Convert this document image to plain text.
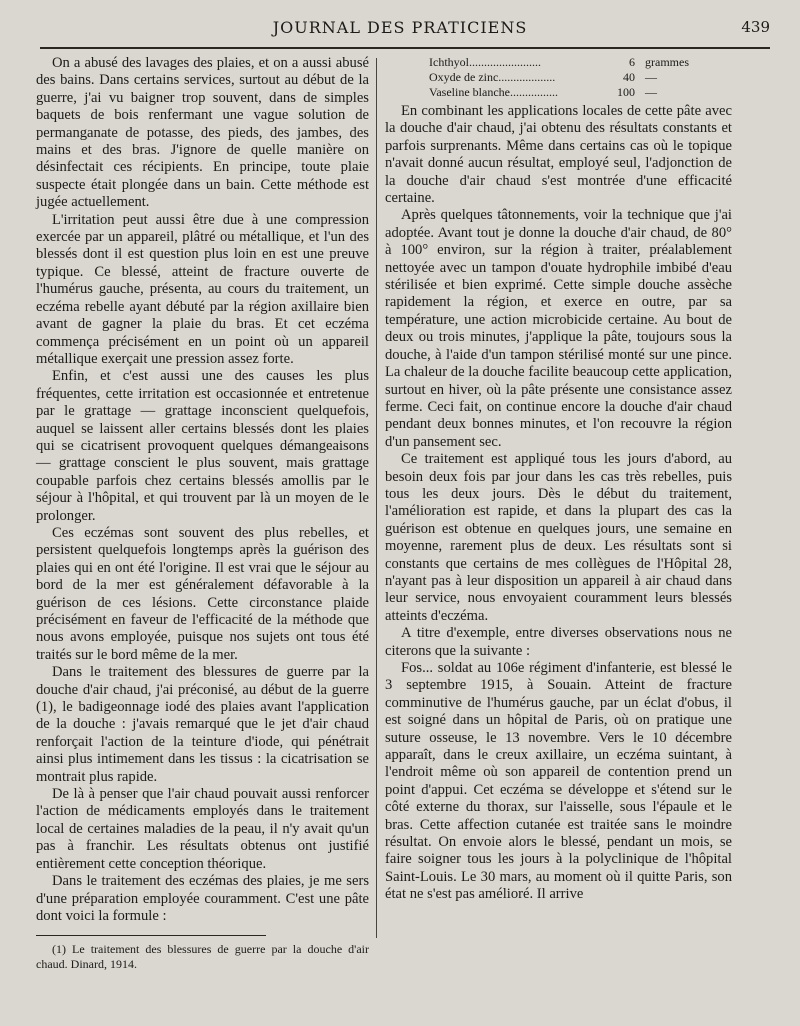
JOURNAL DES PRATICIENS	439

On a abusé des lavages des plaies, et on a aussi abusé des bains. Dans certains services, surtout au début de la guerre, j'ai vu baigner trop souvent, dans de simples baquets de bois renfermant une vague solution de permanganate de potasse, des pieds, des jambes, des mains et des bras. J'ignore de quelle manière on désinfectait ces récipients. En principe, toute plaie suspecte était plongée dans un bain. Cette méthode est jugée actuellement.

L'irritation peut aussi être due à une compression exercée par un appareil, plâtré ou métallique, et l'un des blessés dont il est question plus loin en est une preuve typique. Ce blessé, atteint de fracture ouverte de l'humérus gauche, présenta, au cours du traitement, un eczéma rebelle ayant débuté par la région axillaire bien avant de gagner la plaie du bras. Et cet eczéma commença précisément en un point où un appareil métallique exerçait une pression assez forte.

Enfin, et c'est aussi une des causes les plus fréquentes, cette irritation est occasionnée et entretenue par le grattage — grattage inconscient quelquefois, auquel se laissent aller certains blessés dont les plaies qui se cicatrisent provoquent quelques démangeaisons — grattage conscient le plus souvent, mais grattage coupable parfois chez certains blessés amollis par le séjour à l'hôpital, et qui trouvent par là un moyen de le prolonger.

Ces eczémas sont souvent des plus rebelles, et persistent quelquefois longtemps après la guérison des plaies qui en ont été l'origine. Il est vrai que le séjour au bord de la mer est généralement défavorable à la guérison de ces lésions. Cette circonstance plaide précisément en faveur de l'efficacité de la méthode que nous avons employée, puisque nos sujets ont tous été traités sur le bord même de la mer.

Dans le traitement des blessures de guerre par la douche d'air chaud, j'ai préconisé, au début de la guerre (1), le badigeonnage iodé des plaies avant l'application de la douche : j'avais remarqué que le jet d'air chaud renforçait l'action de la teinture d'iode, qui pénétrait ainsi plus intimement dans les tissus : la cicatrisation se montrait plus rapide.

De là à penser que l'air chaud pouvait aussi renforcer l'action de médicaments employés dans le traitement local de certaines maladies de la peau, il n'y avait qu'un pas à franchir. Les résultats obtenus ont justifié entièrement cette conception théorique.

Dans le traitement des eczémas des plaies, je me sers d'une préparation employée couramment. C'est une pâte dont voici la formule :

(1) Le traitement des blessures de guerre par la douche d'air chaud. Dinard, 1914.

Ichthyol........................	6 grammes
Oxyde de zinc...................	40 —
Vaseline blanche................	100 —

En combinant les applications locales de cette pâte avec la douche d'air chaud, j'ai obtenu des résultats constants et parfois surprenants. Même dans certains cas où le topique n'avait donné aucun résultat, employé seul, l'adjonction de la douche d'air chaud s'est montrée d'une efficacité certaine.

Après quelques tâtonnements, voir la technique que j'ai adoptée. Avant tout je donne la douche d'air chaud, de 80° à 100° environ, sur la région à traiter, préalablement nettoyée avec un tampon d'ouate hydrophile imbibé d'eau stérilisée et bien exprimé. Cette simple douche assèche rapidement la région, et exerce en outre, par sa température, une action microbicide certaine. Au bout de deux ou trois minutes, j'applique la pâte, toujours sous la douche, à l'aide d'un tampon stérilisé monté sur une pince. La chaleur de la douche facilite beaucoup cette application, surtout en hiver, où la pâte présente une consistance assez ferme. Ceci fait, on continue encore la douche d'air chaud pendant deux bonnes minutes, et l'on recouvre la région d'un pansement sec.

Ce traitement est appliqué tous les jours d'abord, au besoin deux fois par jour dans les cas très rebelles, puis tous les deux jours. Dès le début du traitement, l'amélioration est rapide, et dans la plupart des cas la guérison est obtenue en quelques jours, une semaine en moyenne, rarement plus de deux. Les résultats sont si constants que certains de mes collègues de l'Hôpital 28, n'ayant pas à leur disposition un appareil à air chaud dans leur service, nous envoyaient couramment leurs blessés atteints d'eczéma.

A titre d'exemple, entre diverses observations nous ne citerons que la suivante :

Fos... soldat au 106e régiment d'infanterie, est blessé le 3 septembre 1915, à Souain. Atteint de fracture comminutive de l'humérus gauche, par un éclat d'obus, il est soigné dans un hôpital de Paris, où on pratique une suture osseuse, le 13 novembre. Vers le 10 décembre apparaît, dans le creux axillaire, un eczéma suintant, à l'endroit même où son appareil de contention prend un point d'appui. Cet eczéma se développe et s'étend sur le côté externe du thorax, sur l'aisselle, sous l'épaule et le bras. Cette affection cutanée est traitée sans le moindre résultat. On envoie alors le blessé, pendant un mois, se faire soigner tous les jours à la polyclinique de l'hôpital Saint-Louis. Le 30 mars, au moment où il quitte Paris, son état ne s'est pas amélioré. Il arrive
